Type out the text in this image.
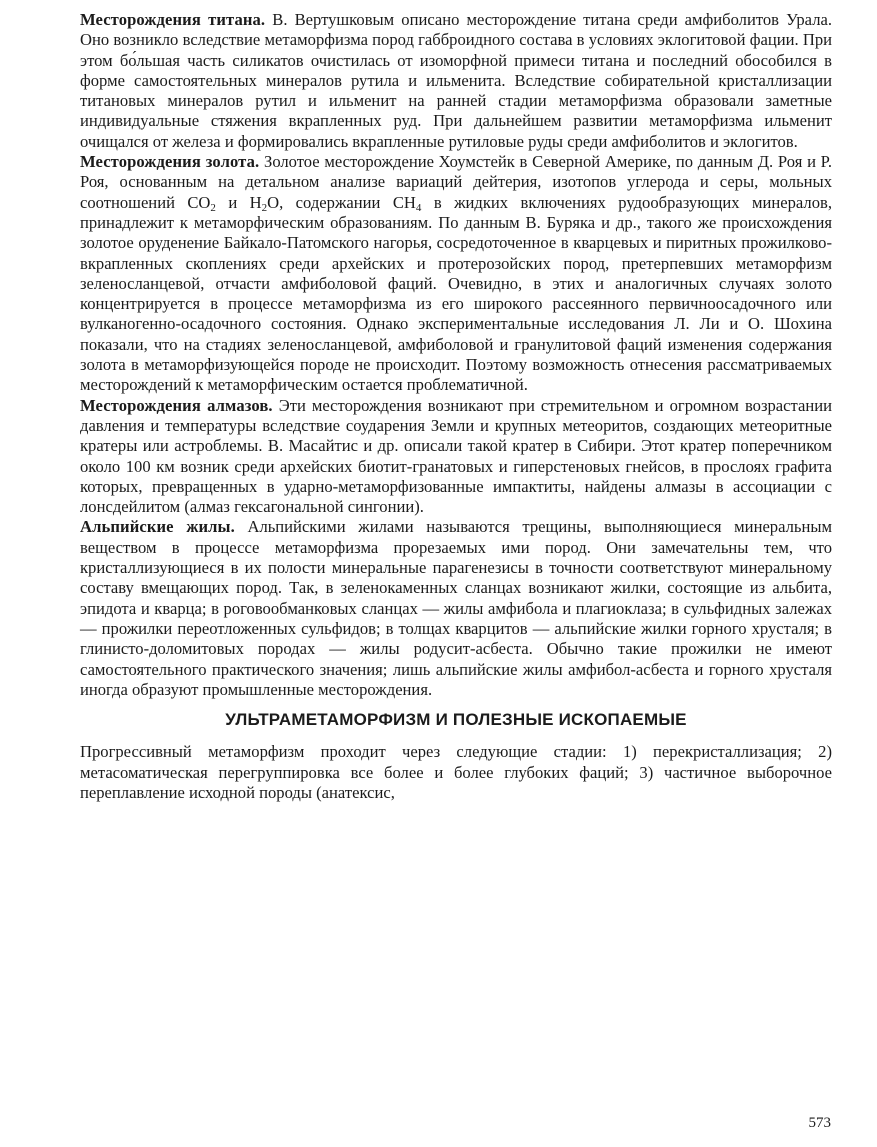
Месторождения титана. В. Вертушковым описано месторождение титана среди амфиболитов Урала. Оно возникло вследствие метаморфизма пород габброидного состава в условиях эклогитовой фации. При этом бо́льшая часть силикатов очистилась от изоморфной примеси титана и последний обособился в форме самостоятельных минералов рутила и ильменита. Вследствие собирательной кристаллизации титановых минералов рутил и ильменит на ранней стадии метаморфизма образовали заметные индивидуальные стяжения вкрапленных руд. При дальнейшем развитии метаморфизма ильменит очищался от железа и формировались вкрапленные рутиловые руды среди амфиболитов и эклогитов.

Месторождения золота. Золотое месторождение Хоумстейк в Северной Америке, по данным Д. Роя и Р. Роя, основанным на детальном анализе вариаций дейтерия, изотопов углерода и серы, мольных соотношений $CO_2$ и $H_2O$, содержании $CH_4$ в жидких включениях рудообразующих минералов, принадлежит к метаморфическим образованиям. По данным В. Буряка и др., такого же происхождения золотое оруденение Байкало-Патомского нагорья, сосредоточенное в кварцевых и пиритных прожилково-вкрапленных скоплениях среди архейских и протерозойских пород, претерпевших метаморфизм зеленосланцевой, отчасти амфиболовой фаций. Очевидно, в этих и аналогичных случаях золото концентрируется в процессе метаморфизма из его широкого рассеянного первичноосадочного или вулканогенно-осадочного состояния. Однако экспериментальные исследования Л. Ли и О. Шохина показали, что на стадиях зеленосланцевой, амфиболовой и гранулитовой фаций изменения содержания золота в метаморфизующейся породе не происходит. Поэтому возможность отнесения рассматриваемых месторождений к метаморфическим остается проблематичной.

Месторождения алмазов. Эти месторождения возникают при стремительном и огромном возрастании давления и температуры вследствие соударения Земли и крупных метеоритов, создающих метеоритные кратеры или астроблемы. В. Масайтис и др. описали такой кратер в Сибири. Этот кратер поперечником около 100 км возник среди архейских биотит-гранатовых и гиперстеновых гнейсов, в прослоях графита которых, превращенных в ударно-метаморфизованные импактиты, найдены алмазы в ассоциации с лонсдейлитом (алмаз гексагональной сингонии).

Альпийские жилы. Альпийскими жилами называются трещины, выполняющиеся минеральным веществом в процессе метаморфизма прорезаемых ими пород. Они замечательны тем, что кристаллизующиеся в их полости минеральные парагенезисы в точности соответствуют минеральному составу вмещающих пород. Так, в зеленокаменных сланцах возникают жилки, состоящие из альбита, эпидота и кварца; в роговообманковых сланцах — жилы амфибола и плагиоклаза; в сульфидных залежах — прожилки переотложенных сульфидов; в толщах кварцитов — альпийские жилки горного хрусталя; в глинисто-доломитовых породах — жилы родусит-асбеста. Обычно такие прожилки не имеют самостоятельного практического значения; лишь альпийские жилы амфибол-асбеста и горного хрусталя иногда образуют промышленные месторождения.

УЛЬТРАМЕТАМОРФИЗМ И ПОЛЕЗНЫЕ ИСКОПАЕМЫЕ

Прогрессивный метаморфизм проходит через следующие стадии: 1) перекристаллизация; 2) метасоматическая перегруппировка все более и более глубоких фаций; 3) частичное выборочное переплавление исходной породы (анатексис,

573
